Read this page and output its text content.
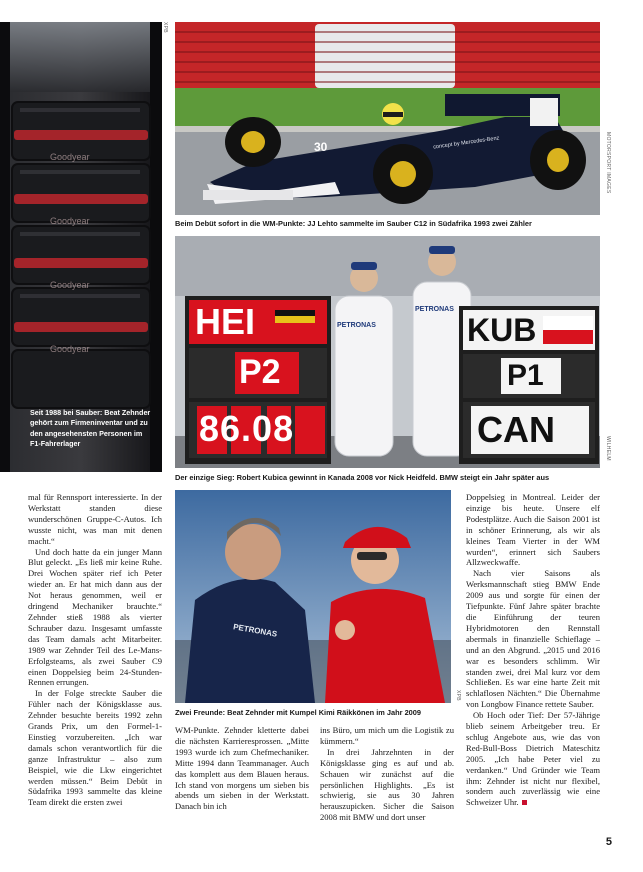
Goodyear
Goodyear
Goodyear
Goodyear
Seit 1988 bei Sauber: Beat Zehnder gehört zum Firmeninventar und zu den angesehensten Personen im F1-Fahrerlager
XPB
30	concept by Mercedes-Benz	MOTORSPORT IMAGES
Beim Debüt sofort in die WM-Punkte: JJ Lehto sammelte im Sauber C12 in Südafrika 1993 zwei Zähler
HEI
P2
86.08
KUB
P1
CAN
PETRONAS
PETRONAS
WILHELM
Der einzige Sieg: Robert Kubica gewinnt in Kanada 2008 vor Nick Heidfeld. BMW steigt ein Jahr später aus
PETRONAS
XPB
Zwei Freunde: Beat Zehnder mit Kumpel Kimi Räikkönen im Jahr 2009

mal für Rennsport interessierte. In der Werkstatt standen diese wunderschönen Gruppe-C-Autos. Ich wusste nicht, was man mit denen macht.“

Und doch hatte da ein junger Mann Blut geleckt. „Es ließ mir keine Ruhe. Drei Wochen später rief ich Peter wieder an. Er hat mich dann aus der Not heraus genommen, weil er dringend Mechaniker brauchte.“ Zehnder stieß 1988 als vierter Schrauber dazu. Insgesamt umfasste das Team damals acht Mitarbeiter. 1989 war Zehnder Teil des Le-Mans-Erfolgsteams, als zwei Sauber C9 einen Doppelsieg beim 24-Stunden-Rennen errungen.

In der Folge streckte Sauber die Fühler nach der Königsklasse aus. Zehnder besuchte bereits 1992 zehn Grands Prix, um den Formel-1-Einstieg vorzubereiten. „Ich war damals schon verantwortlich für die ganze Infrastruktur – also zum Beispiel, wie die Lkw eingerichtet werden müssen.“ Beim Debüt in Südafrika 1993 sammelte das kleine Team direkt die ersten zwei

WM-Punkte. Zehnder kletterte dabei die nächsten Karrieresprossen. „Mitte 1993 wurde ich zum Chefmechaniker. Mitte 1994 dann Teammanager. Auch das komplett aus dem Blauen heraus. Ich stand von morgens um sieben bis abends um sieben in der Werkstatt. Danach bin ich

ins Büro, um mich um die Logistik zu kümmern.“

In drei Jahrzehnten in der Königsklasse ging es auf und ab. Schauen wir zunächst auf die persönlichen Highlights. „Es ist schwierig, sie aus 30 Jahren herauszupicken. Sicher die Saison 2008 mit BMW und dort unser

Doppelsieg in Montreal. Leider der einzige bis heute. Unsere elf Podestplätze. Auch die Saison 2001 ist in schöner Erinnerung, als wir als kleines Team Vierter in der WM wurden“, erinnert sich Saubers Allzweckwaffe.

Nach vier Saisons als Werksmannschaft stieg BMW Ende 2009 aus und sorgte für einen der Tiefpunkte. Fünf Jahre später brachte die Einführung der teuren Hybridmotoren den Rennstall abermals in finanzielle Schieflage – und an den Abgrund. „2015 und 2016 war es besonders schlimm. Wir standen zwei, drei Mal kurz vor dem Schließen. Es war eine harte Zeit mit schlaflosen Nächten.“ Die Übernahme von Longbow Finance rettete Sauber.

Ob Hoch oder Tief: Der 57-Jährige blieb seinem Arbeitgeber treu. Er schlug Angebote aus, wie das von Red-Bull-Boss Dietrich Mateschitz 2005. „Ich habe Peter viel zu verdanken.“ Und Gründer wie Team ihm: Zehnder ist nicht nur flexibel, sondern auch zuverlässig wie eine Schweizer Uhr.

5
